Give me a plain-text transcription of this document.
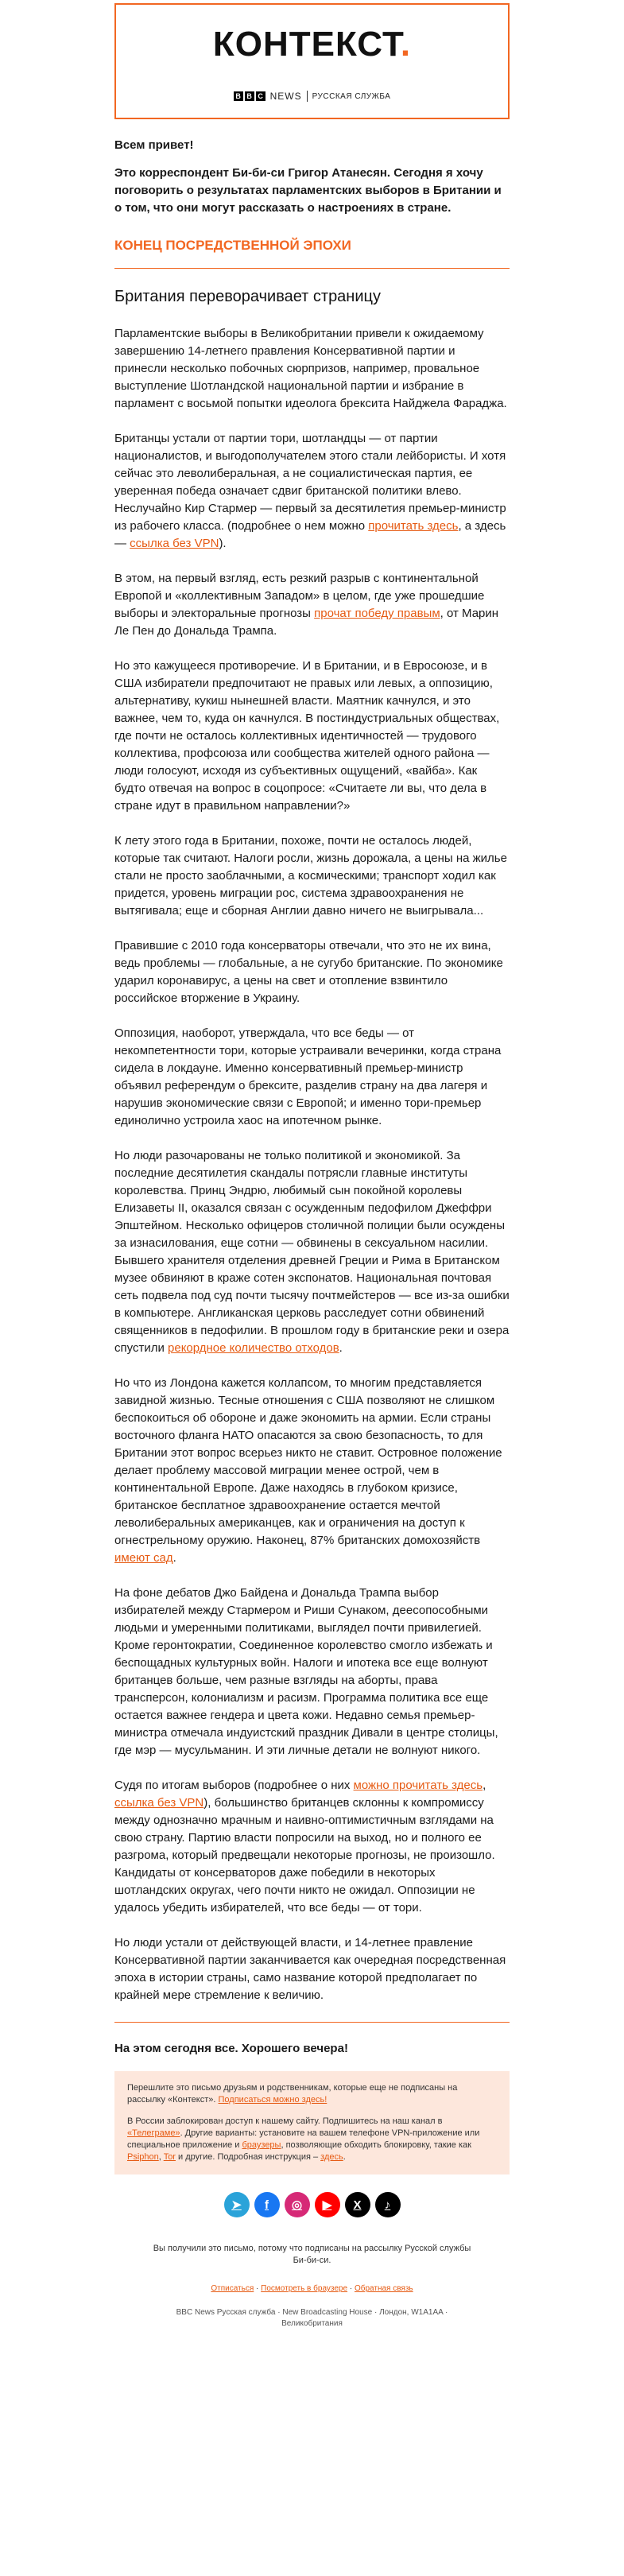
КОНТЕКСТ.
B B C NEWS РУССКАЯ СЛУЖБА
Всем привет!
Это корреспондент Би-би-си Григор Атанесян. Сегодня я хочу поговорить о результатах парламентских выборов в Британии и о том, что они могут рассказать о настроениях в стране.
КОНЕЦ ПОСРЕДСТВЕННОЙ ЭПОХИ
Британия переворачивает страницу

Парламентские выборы в Великобритании привели к ожидаемому завершению 14-летнего правления Консервативной партии и принесли несколько побочных сюрпризов, например, провальное выступление Шотландской национальной партии и избрание в парламент с восьмой попытки идеолога брексита Найджела Фараджа.

Британцы устали от партии тори, шотландцы — от партии националистов, и выгодополучателем этого стали лейбористы. И хотя сейчас это леволиберальная, а не социалистическая партия, ее уверенная победа означает сдвиг британской политики влево. Неслучайно Кир Стармер — первый за десятилетия премьер-министр из рабочего класса. (подробнее о нем можно прочитать здесь, а здесь — ссылка без VPN).

В этом, на первый взгляд, есть резкий разрыв с континентальной Европой и «коллективным Западом» в целом, где уже прошедшие выборы и электоральные прогнозы прочат победу правым, от Марин Ле Пен до Дональда Трампа.

Но это кажущееся противоречие. И в Британии, и в Евросоюзе, и в США избиратели предпочитают не правых или левых, а оппозицию, альтернативу, кукиш нынешней власти. Маятник качнулся, и это важнее, чем то, куда он качнулся. В постиндустриальных обществах, где почти не осталось коллективных идентичностей — трудового коллектива, профсоюза или сообщества жителей одного района — люди голосуют, исходя из субъективных ощущений, «вайба». Как будто отвечая на вопрос в соцопросе: «Считаете ли вы, что дела в стране идут в правильном направлении?»

К лету этого года в Британии, похоже, почти не осталось людей, которые так считают. Налоги росли, жизнь дорожала, а цены на жилье стали не просто заоблачными, а космическими; транспорт ходил как придется, уровень миграции рос, система здравоохранения не вытягивала; еще и сборная Англии давно ничего не выигрывала...

Правившие с 2010 года консерваторы отвечали, что это не их вина, ведь проблемы — глобальные, а не сугубо британские. По экономике ударил коронавирус, а цены на свет и отопление взвинтило российское вторжение в Украину.

Оппозиция, наоборот, утверждала, что все беды — от некомпетентности тори, которые устраивали вечеринки, когда страна сидела в локдауне. Именно консервативный премьер-министр объявил референдум о брексите, разделив страну на два лагеря и нарушив экономические связи с Европой; и именно тори-премьер единолично устроила хаос на ипотечном рынке.

Но люди разочарованы не только политикой и экономикой. За последние десятилетия скандалы потрясли главные институты королевства. Принц Эндрю, любимый сын покойной королевы Елизаветы II, оказался связан с осужденным педофилом Джеффри Эпштейном. Несколько офицеров столичной полиции были осуждены за изнасилования, еще сотни — обвинены в сексуальном насилии. Бывшего хранителя отделения древней Греции и Рима в Британском музее обвиняют в краже сотен экспонатов. Национальная почтовая сеть подвела под суд почти тысячу почтмейстеров — все из-за ошибки в компьютере. Англиканская церковь расследует сотни обвинений священников в педофилии. В прошлом году в британские реки и озера спустили рекордное количество отходов.

Но что из Лондона кажется коллапсом, то многим представляется завидной жизнью. Тесные отношения с США позволяют не слишком беспокоиться об обороне и даже экономить на армии. Если страны восточного фланга НАТО опасаются за свою безопасность, то для Британии этот вопрос всерьез никто не ставит. Островное положение делает проблему массовой миграции менее острой, чем в континентальной Европе. Даже находясь в глубоком кризисе, британское бесплатное здравоохранение остается мечтой леволиберальных американцев, как и ограничения на доступ к огнестрельному оружию. Наконец, 87% британских домохозяйств имеют сад.

На фоне дебатов Джо Байдена и Дональда Трампа выбор избирателей между Стармером и Риши Сунаком, деесопособными людьми и умеренными политиками, выглядел почти привилегией. Кроме геронтократии, Соединенное королевство смогло избежать и беспощадных культурных войн. Налоги и ипотека все еще волнуют британцев больше, чем разные взгляды на аборты, права трансперсон, колониализм и расизм. Программа политика все еще остается важнее гендера и цвета кожи. Недавно семья премьер-министра отмечала индуистский праздник Дивали в центре столицы, где мэр — мусульманин. И эти личные детали не волнуют никого.

Судя по итогам выборов (подробнее о них можно прочитать здесь, ссылка без VPN), большинство британцев склонны к компромиссу между однозначно мрачным и наивно-оптимистичным взглядами на свою страну. Партию власти попросили на выход, но и полного ее разгрома, который предвещали некоторые прогнозы, не произошло. Кандидаты от консерваторов даже победили в некоторых шотландских округах, чего почти никто не ожидал. Оппозиции не удалось убедить избирателей, что все беды — от тори.

Но люди устали от действующей власти, и 14-летнее правление Консервативной партии заканчивается как очередная посредственная эпоха в истории страны, само название которой предполагает по крайней мере стремление к величию.

На этом сегодня все. Хорошего вечера!

Перешлите это письмо друзьям и родственникам, которые еще не подписаны на рассылку «Контекст». Подписаться можно здесь!

В России заблокирован доступ к нашему сайту. Подпишитесь на наш канал в «Телеграме». Другие варианты: установите на вашем телефоне VPN-приложение или специальное приложение и браузеры, позволяющие обходить блокировку, такие как Psiphon, Tor и другие. Подробная инструкция – здесь.

➤	f	◎	▶	X	♪
Вы получили это письмо, потому что подписаны на рассылку Русской службы Би-би-си.
Отписаться · Посмотреть в браузере · Обратная связь
BBC News Русская служба · New Broadcasting House · Лондон, W1A1AA · Великобритания
